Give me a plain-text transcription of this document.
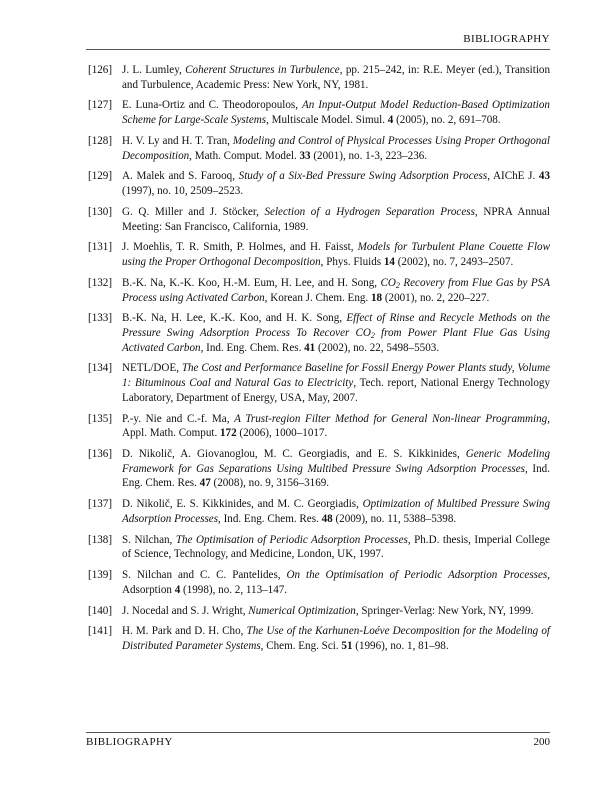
BIBLIOGRAPHY
[126] J. L. Lumley, Coherent Structures in Turbulence, pp. 215–242, in: R.E. Meyer (ed.), Transition and Turbulence, Academic Press: New York, NY, 1981.
[127] E. Luna-Ortiz and C. Theodoropoulos, An Input-Output Model Reduction-Based Optimization Scheme for Large-Scale Systems, Multiscale Model. Simul. 4 (2005), no. 2, 691–708.
[128] H. V. Ly and H. T. Tran, Modeling and Control of Physical Processes Using Proper Orthogonal Decomposition, Math. Comput. Model. 33 (2001), no. 1-3, 223–236.
[129] A. Malek and S. Farooq, Study of a Six-Bed Pressure Swing Adsorption Process, AIChE J. 43 (1997), no. 10, 2509–2523.
[130] G. Q. Miller and J. Stöcker, Selection of a Hydrogen Separation Process, NPRA Annual Meeting: San Francisco, California, 1989.
[131] J. Moehlis, T. R. Smith, P. Holmes, and H. Faisst, Models for Turbulent Plane Couette Flow using the Proper Orthogonal Decomposition, Phys. Fluids 14 (2002), no. 7, 2493–2507.
[132] B.-K. Na, K.-K. Koo, H.-M. Eum, H. Lee, and H. Song, $CO_2$ Recovery from Flue Gas by PSA Process using Activated Carbon, Korean J. Chem. Eng. 18 (2001), no. 2, 220–227.
[133] B.-K. Na, H. Lee, K.-K. Koo, and H. K. Song, Effect of Rinse and Recycle Methods on the Pressure Swing Adsorption Process To Recover $CO_2$ from Power Plant Flue Gas Using Activated Carbon, Ind. Eng. Chem. Res. 41 (2002), no. 22, 5498–5503.
[134] NETL/DOE, The Cost and Performance Baseline for Fossil Energy Power Plants study, Volume 1: Bituminous Coal and Natural Gas to Electricity, Tech. report, National Energy Technology Laboratory, Department of Energy, USA, May, 2007.
[135] P.-y. Nie and C.-f. Ma, A Trust-region Filter Method for General Non-linear Programming, Appl. Math. Comput. 172 (2006), 1000–1017.
[136] D. Nikolič, A. Giovanoglou, M. C. Georgiadis, and E. S. Kikkinides, Generic Modeling Framework for Gas Separations Using Multibed Pressure Swing Adsorption Processes, Ind. Eng. Chem. Res. 47 (2008), no. 9, 3156–3169.
[137] D. Nikolič, E. S. Kikkinides, and M. C. Georgiadis, Optimization of Multibed Pressure Swing Adsorption Processes, Ind. Eng. Chem. Res. 48 (2009), no. 11, 5388–5398.
[138] S. Nilchan, The Optimisation of Periodic Adsorption Processes, Ph.D. thesis, Imperial College of Science, Technology, and Medicine, London, UK, 1997.
[139] S. Nilchan and C. C. Pantelides, On the Optimisation of Periodic Adsorption Processes, Adsorption 4 (1998), no. 2, 113–147.
[140] J. Nocedal and S. J. Wright, Numerical Optimization, Springer-Verlag: New York, NY, 1999.
[141] H. M. Park and D. H. Cho, The Use of the Karhunen-Loéve Decomposition for the Modeling of Distributed Parameter Systems, Chem. Eng. Sci. 51 (1996), no. 1, 81–98.
BIBLIOGRAPHY	200
